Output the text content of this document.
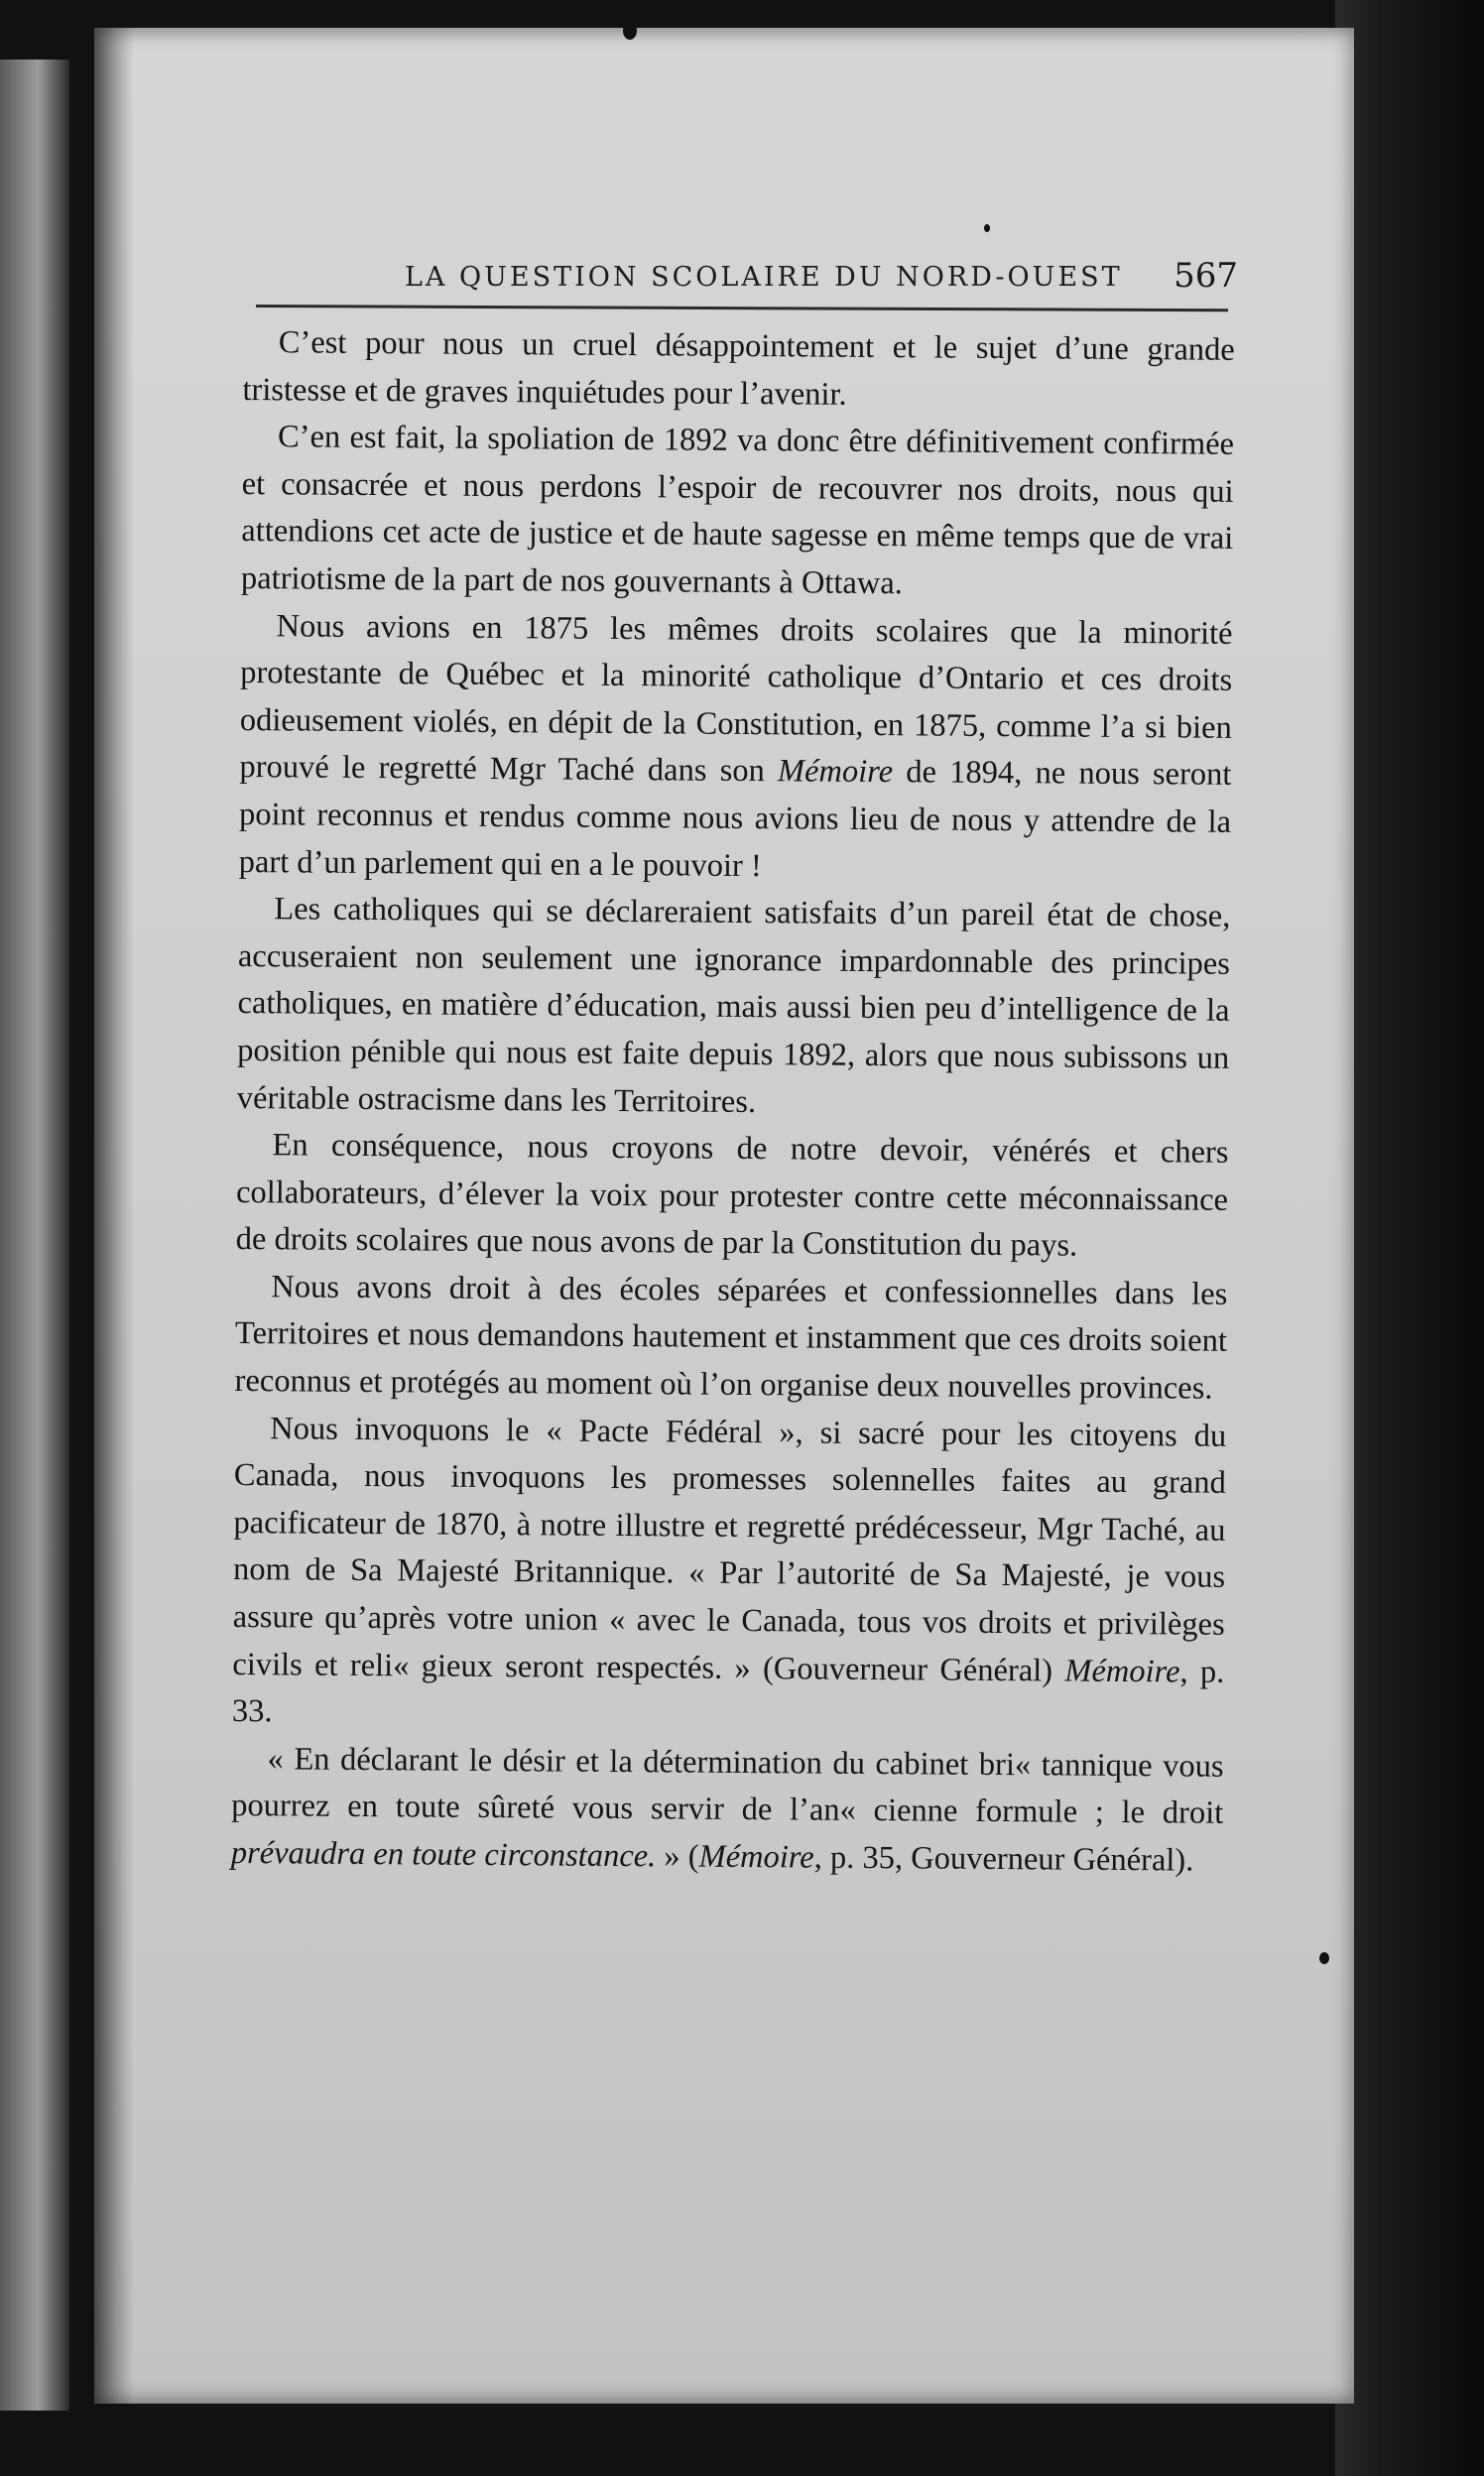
LA QUESTION SCOLAIRE DU NORD-OUEST 567

C’est pour nous un cruel désappointement et le sujet d’une grande tristesse et de graves inquiétudes pour l’avenir.

C’en est fait, la spoliation de 1892 va donc être définitivement confirmée et consacrée et nous perdons l’espoir de recouvrer nos droits, nous qui attendions cet acte de justice et de haute sagesse en même temps que de vrai patriotisme de la part de nos gouvernants à Ottawa.

Nous avions en 1875 les mêmes droits scolaires que la minorité protestante de Québec et la minorité catholique d’Ontario et ces droits odieusement violés, en dépit de la Constitution, en 1875, comme l’a si bien prouvé le regretté Mgr Taché dans son Mémoire de 1894, ne nous seront point reconnus et rendus comme nous avions lieu de nous y attendre de la part d’un parlement qui en a le pouvoir !

Les catholiques qui se déclareraient satisfaits d’un pareil état de chose, accuseraient non seulement une ignorance impardonnable des principes catholiques, en matière d’éducation, mais aussi bien peu d’intelligence de la position pénible qui nous est faite depuis 1892, alors que nous subissons un véritable ostracisme dans les Territoires.

En conséquence, nous croyons de notre devoir, vénérés et chers collaborateurs, d’élever la voix pour protester contre cette méconnaissance de droits scolaires que nous avons de par la Constitution du pays.

Nous avons droit à des écoles séparées et confessionnelles dans les Territoires et nous demandons hautement et instamment que ces droits soient reconnus et protégés au moment où l’on organise deux nouvelles provinces.

Nous invoquons le « Pacte Fédéral », si sacré pour les citoyens du Canada, nous invoquons les promesses solennelles faites au grand pacificateur de 1870, à notre illustre et regretté prédécesseur, Mgr Taché, au nom de Sa Majesté Britannique. « Par l’autorité de Sa Majesté, je vous assure qu’après votre union « avec le Canada, tous vos droits et privilèges civils et reli« gieux seront respectés. » (Gouverneur Général) Mémoire, p. 33.

« En déclarant le désir et la détermination du cabinet bri« tannique vous pourrez en toute sûreté vous servir de l’an« cienne formule ; le droit prévaudra en toute circonstance. » (Mémoire, p. 35, Gouverneur Général).
